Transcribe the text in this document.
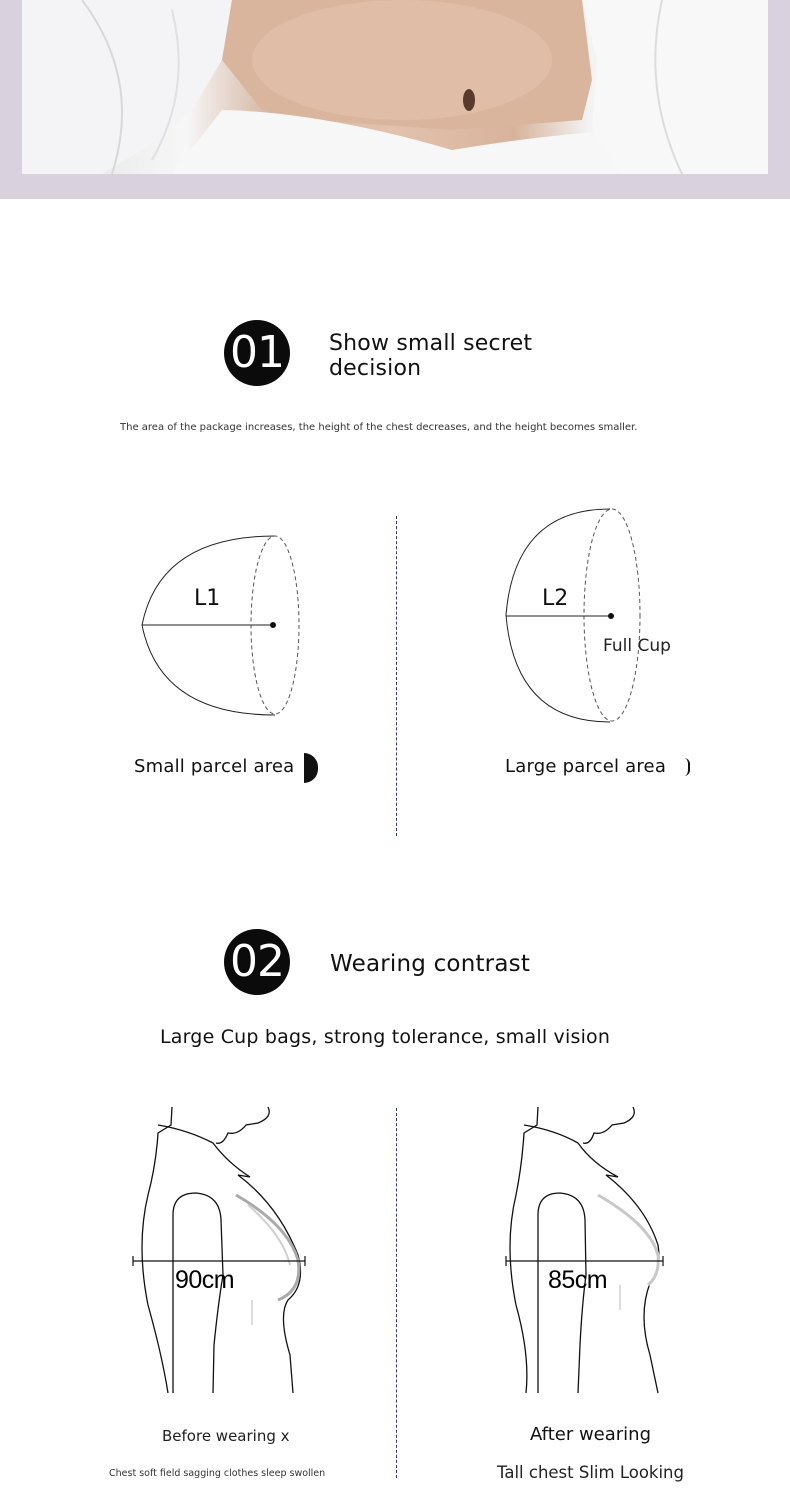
01 Show small secret
decision
The area of the package increases, the height of the chest decreases, and the height becomes smaller.
L1
Small parcel area
L2
Full Cup
Large parcel area
02 Wearing contrast
Large Cup bags, strong tolerance, small vision
90cm
Before wearing x
Chest soft field sagging clothes sleep swollen
85cm
After wearing
Tall chest Slim Looking
